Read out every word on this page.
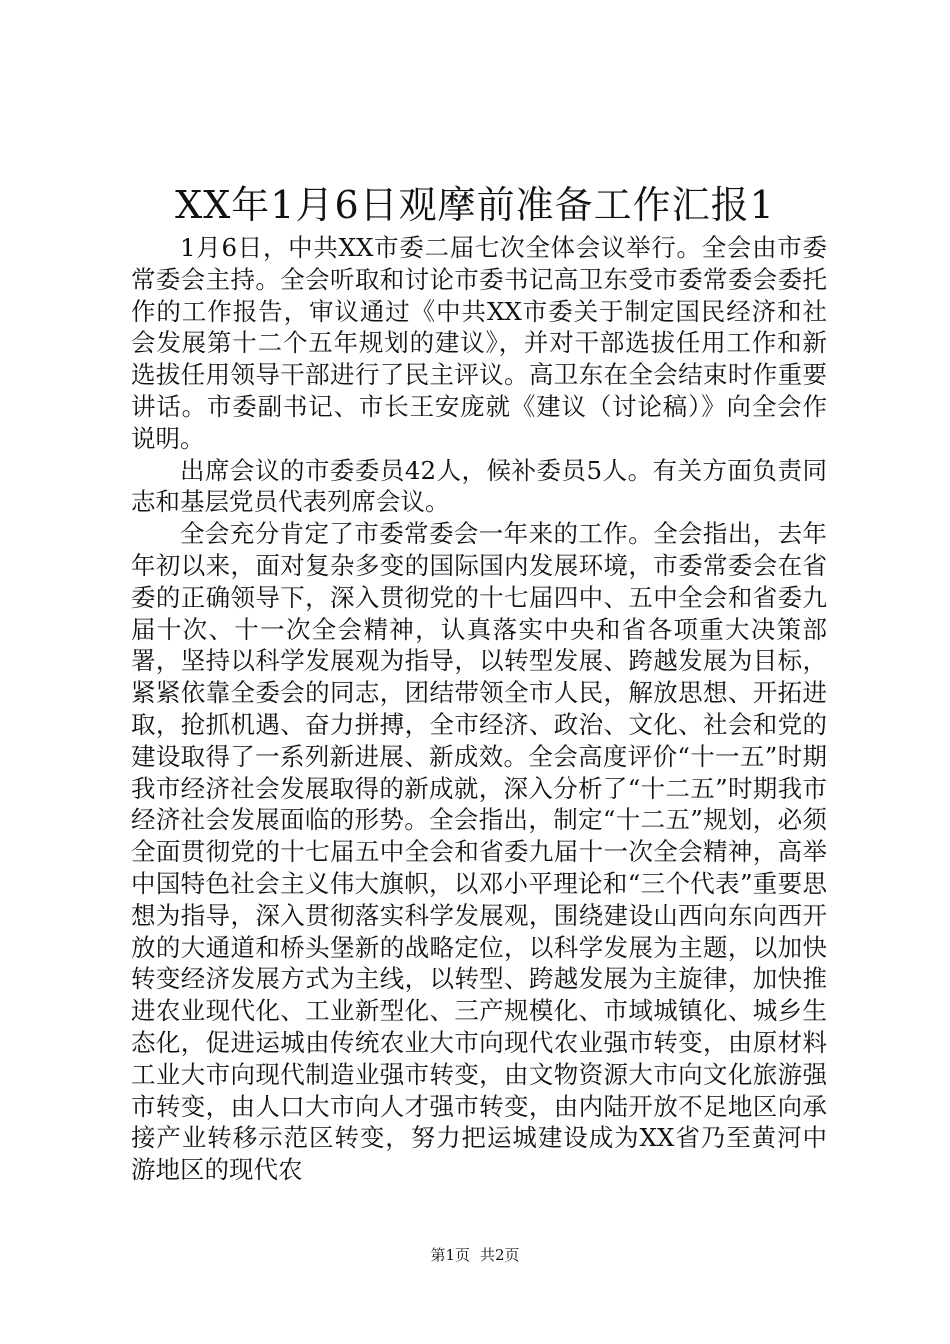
XX年1月6日观摩前准备工作汇报1

1月6日，中共XX市委二届七次全体会议举行。全会由市委常委会主持。全会听取和讨论市委书记高卫东受市委常委会委托作的工作报告，审议通过《中共XX市委关于制定国民经济和社会发展第十二个五年规划的建议》，并对干部选拔任用工作和新选拔任用领导干部进行了民主评议。高卫东在全会结束时作重要讲话。市委副书记、市长王安庞就《建议（讨论稿）》向全会作说明。

出席会议的市委委员42人，候补委员5人。有关方面负责同志和基层党员代表列席会议。

全会充分肯定了市委常委会一年来的工作。全会指出，去年年初以来，面对复杂多变的国际国内发展环境，市委常委会在省委的正确领导下，深入贯彻党的十七届四中、五中全会和省委九届十次、十一次全会精神，认真落实中央和省各项重大决策部署，坚持以科学发展观为指导，以转型发展、跨越发展为目标，紧紧依靠全委会的同志，团结带领全市人民，解放思想、开拓进取，抢抓机遇、奋力拼搏，全市经济、政治、文化、社会和党的建设取得了一系列新进展、新成效。全会高度评价“十一五”时期我市经济社会发展取得的新成就，深入分析了“十二五”时期我市经济社会发展面临的形势。全会指出，制定“十二五”规划，必须全面贯彻党的十七届五中全会和省委九届十一次全会精神，高举中国特色社会主义伟大旗帜，以邓小平理论和“三个代表”重要思想为指导，深入贯彻落实科学发展观，围绕建设山西向东向西开放的大通道和桥头堡新的战略定位，以科学发展为主题，以加快转变经济发展方式为主线，以转型、跨越发展为主旋律，加快推进农业现代化、工业新型化、三产规模化、市域城镇化、城乡生态化，促进运城由传统农业大市向现代农业强市转变，由原材料工业大市向现代制造业强市转变，由文物资源大市向文化旅游强市转变，由人口大市向人才强市转变，由内陆开放不足地区向承接产业转移示范区转变，努力把运城建设成为XX省乃至黄河中游地区的现代农

第1页 共2页
